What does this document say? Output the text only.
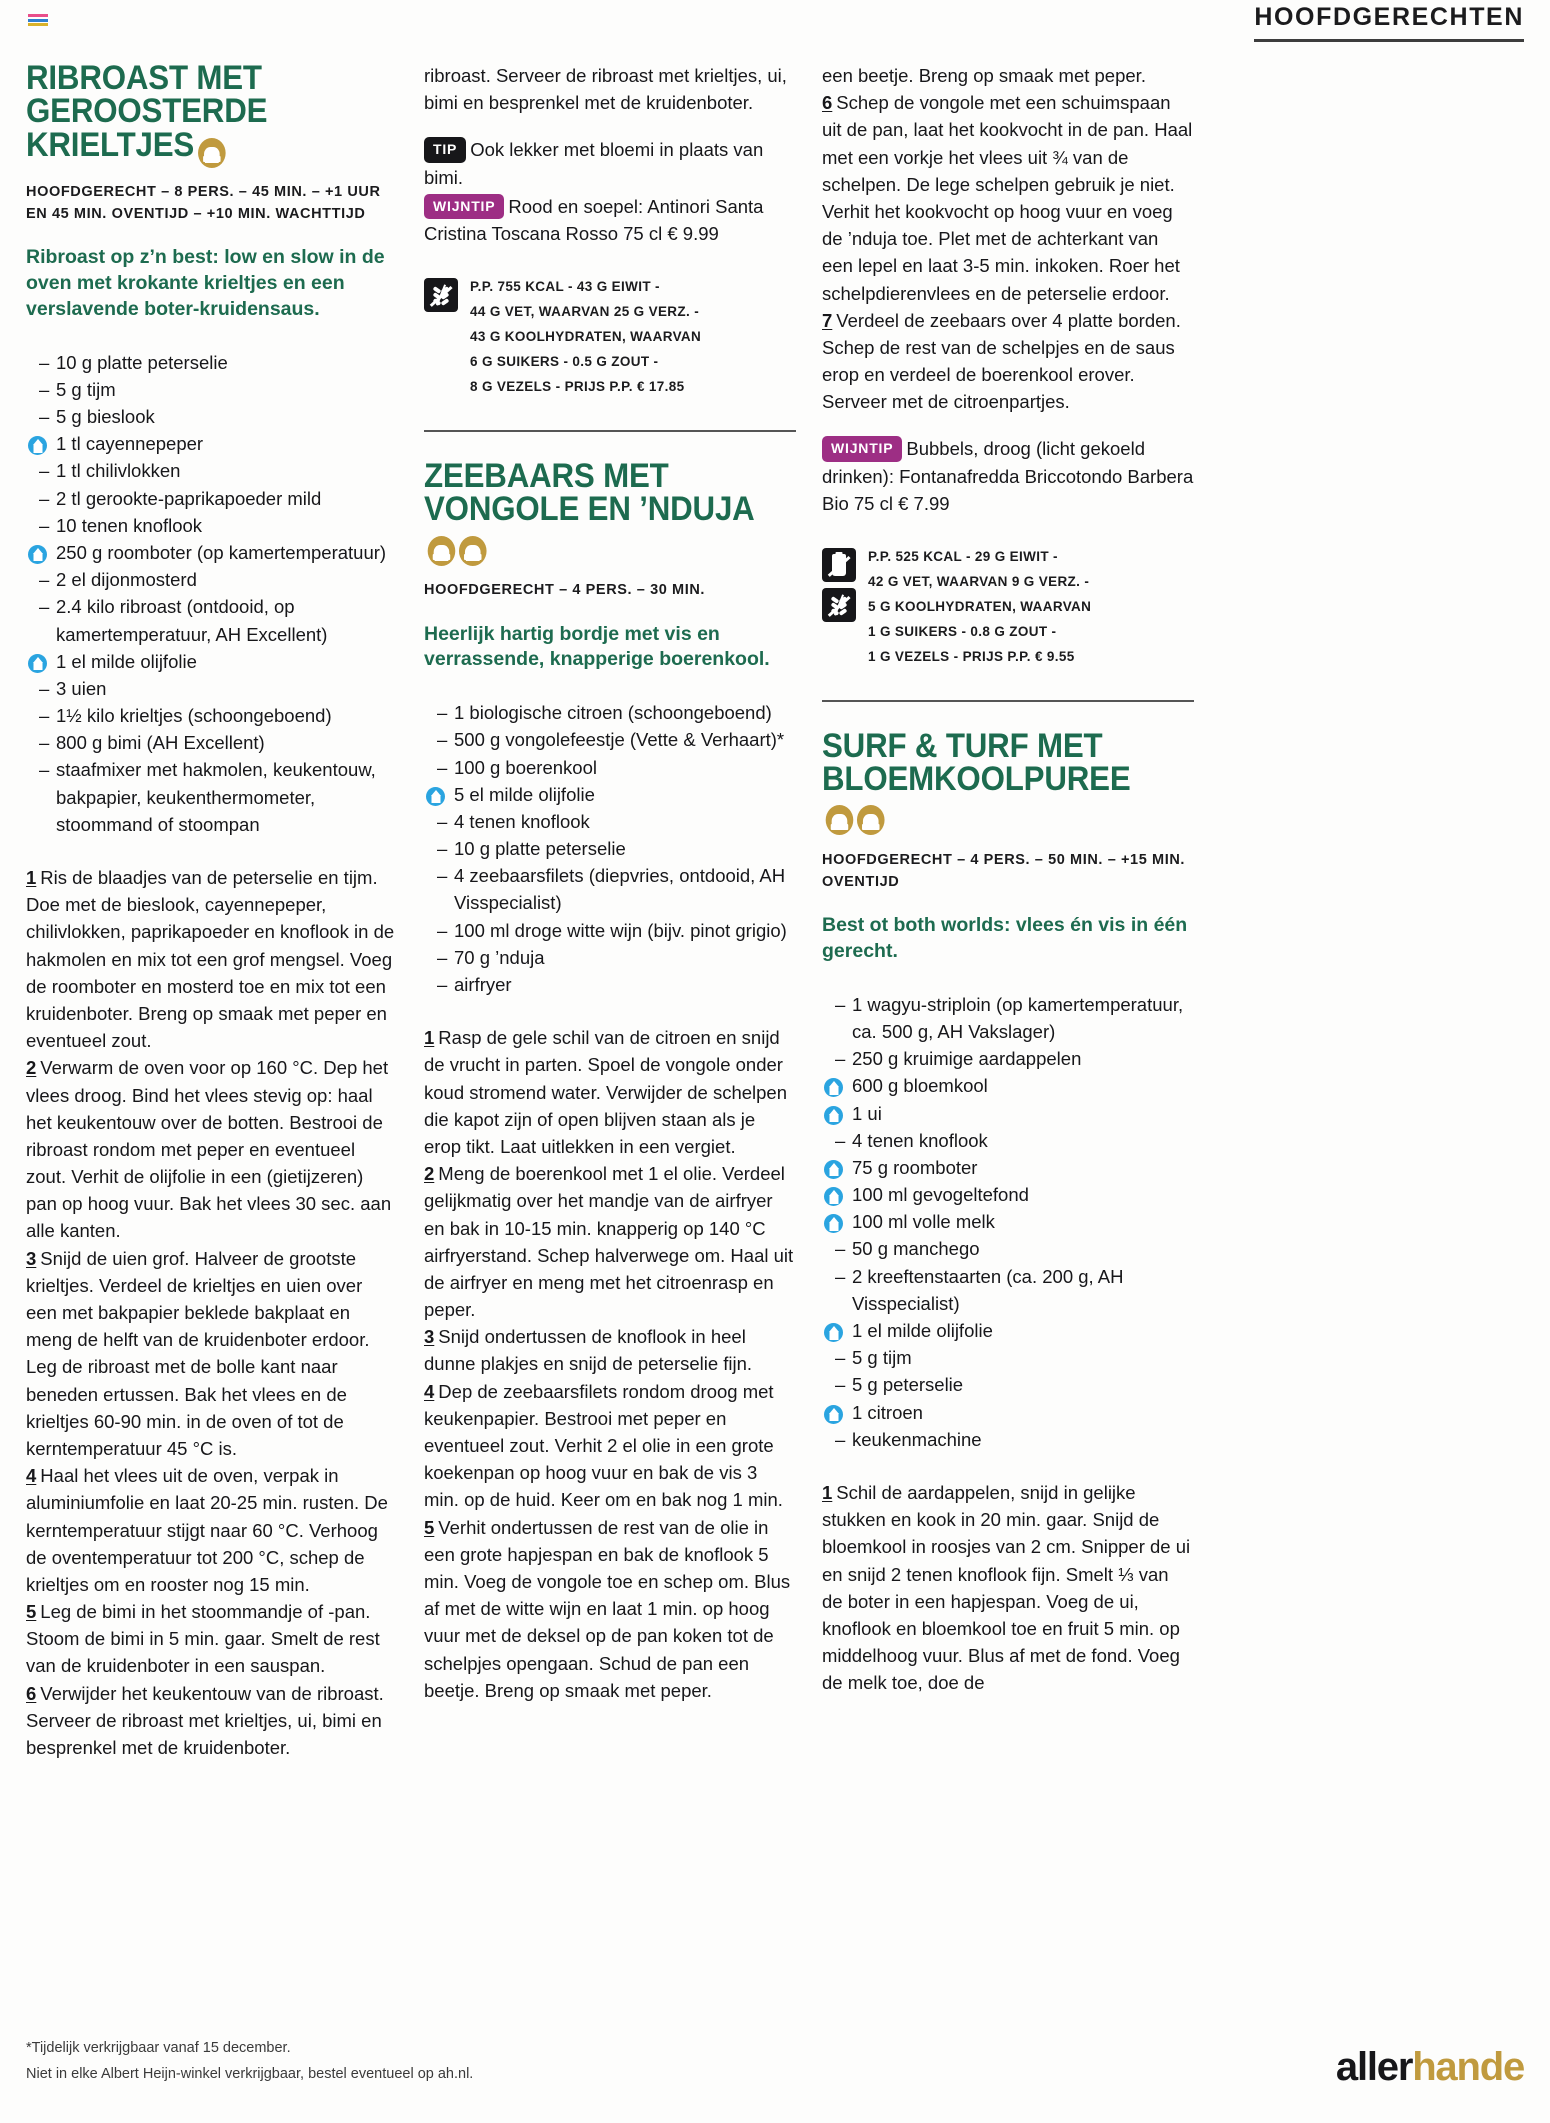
HOOFDGERECHTEN
RIBROAST MET GEROOSTERDE KRIELTJES
HOOFDGERECHT – 8 PERS. – 45 MIN. – +1 UUR EN 45 MIN. OVENTIJD – +10 MIN. WACHTTIJD
Ribroast op z’n best: low en slow in de oven met krokante krieltjes en een verslavende boter-kruidensaus.
– 10 g platte peterselie
– 5 g tijm
– 5 g bieslook
1 tl cayennepeper
– 1 tl chilivlokken
– 2 tl gerookte-paprikapoeder mild
– 10 tenen knoflook
250 g roomboter (op kamertemperatuur)
– 2 el dijonmosterd
– 2.4 kilo ribroast (ontdooid, op kamertemperatuur, AH Excellent)
1 el milde olijfolie
– 3 uien
– 1½ kilo krieltjes (schoongeboend)
– 800 g bimi (AH Excellent)
– staafmixer met hakmolen, keukentouw, bakpapier, keukenthermometer, stoommand of stoompan

1 Ris de blaadjes van de peterselie en tijm. Doe met de bieslook, cayennepeper, chilivlokken, paprikapoeder en knoflook in de hakmolen en mix tot een grof mengsel. Voeg de roomboter en mosterd toe en mix tot een kruidenboter. Breng op smaak met peper en eventueel zout.

2 Verwarm de oven voor op 160 °C. Dep het vlees droog. Bind het vlees stevig op: haal het keukentouw over de botten. Bestrooi de ribroast rondom met peper en eventueel zout. Verhit de olijfolie in een (gietijzeren) pan op hoog vuur. Bak het vlees 30 sec. aan alle kanten.

3 Snijd de uien grof. Halveer de grootste krieltjes. Verdeel de krieltjes en uien over een met bakpapier beklede bakplaat en meng de helft van de kruidenboter erdoor. Leg de ribroast met de bolle kant naar beneden ertussen. Bak het vlees en de krieltjes 60-90 min. in de oven of tot de kerntemperatuur 45 °C is.

4 Haal het vlees uit de oven, verpak in aluminiumfolie en laat 20-25 min. rusten. De kerntemperatuur stijgt naar 60 °C. Verhoog de oventemperatuur tot 200 °C, schep de krieltjes om en rooster nog 15 min.

5 Leg de bimi in het stoommandje of -pan. Stoom de bimi in 5 min. gaar. Smelt de rest van de kruidenboter in een sauspan.

6 Verwijder het keukentouw van de ribroast. Serveer de ribroast met krieltjes, ui, bimi en besprenkel met de kruidenboter.

ribroast. Serveer de ribroast met krieltjes, ui, bimi en besprenkel met de kruidenboter.

TIP Ook lekker met bloemi in plaats van bimi.
WIJNTIP Rood en soepel: Antinori Santa Cristina Toscana Rosso 75 cl € 9.99
P.P. 755 KCAL - 43 G EIWIT -
44 G VET, WAARVAN 25 G VERZ. -
43 G KOOLHYDRATEN, WAARVAN
6 G SUIKERS - 0.5 G ZOUT -
8 G VEZELS - PRIJS P.P. € 17.85
ZEEBAARS MET VONGOLE EN ’NDUJA
HOOFDGERECHT – 4 PERS. – 30 MIN.
Heerlijk hartig bordje met vis en verrassende, knapperige boerenkool.
– 1 biologische citroen (schoongeboend)
– 500 g vongolefeestje (Vette & Verhaart)*
– 100 g boerenkool
5 el milde olijfolie
– 4 tenen knoflook
– 10 g platte peterselie
– 4 zeebaarsfilets (diepvries, ontdooid, AH Visspecialist)
– 100 ml droge witte wijn (bijv. pinot grigio)
– 70 g ’nduja
– airfryer

1 Rasp de gele schil van de citroen en snijd de vrucht in parten. Spoel de vongole onder koud stromend water. Verwijder de schelpen die kapot zijn of open blijven staan als je erop tikt. Laat uitlekken in een vergiet.

2 Meng de boerenkool met 1 el olie. Verdeel gelijkmatig over het mandje van de airfryer en bak in 10-15 min. knapperig op 140 °C airfryerstand. Schep halverwege om. Haal uit de airfryer en meng met het citroenrasp en peper.

3 Snijd ondertussen de knoflook in heel dunne plakjes en snijd de peterselie fijn.

4 Dep de zeebaarsfilets rondom droog met keukenpapier. Bestrooi met peper en eventueel zout. Verhit 2 el olie in een grote koekenpan op hoog vuur en bak de vis 3 min. op de huid. Keer om en bak nog 1 min.

5 Verhit ondertussen de rest van de olie in een grote hapjespan en bak de knoflook 5 min. Voeg de vongole toe en schep om. Blus af met de witte wijn en laat 1 min. op hoog vuur met de deksel op de pan koken tot de schelpjes opengaan. Schud de pan een beetje. Breng op smaak met peper.

een beetje. Breng op smaak met peper.

6 Schep de vongole met een schuimspaan uit de pan, laat het kookvocht in de pan. Haal met een vorkje het vlees uit ¾ van de schelpen. De lege schelpen gebruik je niet. Verhit het kookvocht op hoog vuur en voeg de ’nduja toe. Plet met de achterkant van een lepel en laat 3-5 min. inkoken. Roer het schelpdierenvlees en de peterselie erdoor.

7 Verdeel de zeebaars over 4 platte borden. Schep de rest van de schelpjes en de saus erop en verdeel de boerenkool erover. Serveer met de citroenpartjes.

WIJNTIP Bubbels, droog (licht gekoeld drinken): Fontanafredda Briccotondo Barbera Bio 75 cl € 7.99
P.P. 525 KCAL - 29 G EIWIT -
42 G VET, WAARVAN 9 G VERZ. -
5 G KOOLHYDRATEN, WAARVAN
1 G SUIKERS - 0.8 G ZOUT -
1 G VEZELS - PRIJS P.P. € 9.55
SURF & TURF MET BLOEMKOOLPUREE
HOOFDGERECHT – 4 PERS. – 50 MIN. – +15 MIN. OVENTIJD
Best ot both worlds: vlees én vis in één gerecht.
– 1 wagyu-striploin (op kamertemperatuur, ca. 500 g, AH Vakslager)
– 250 g kruimige aardappelen
600 g bloemkool
1 ui
– 4 tenen knoflook
75 g roomboter
100 ml gevogeltefond
100 ml volle melk
– 50 g manchego
– 2 kreeftenstaarten (ca. 200 g, AH Visspecialist)
1 el milde olijfolie
– 5 g tijm
– 5 g peterselie
1 citroen
– keukenmachine

1 Schil de aardappelen, snijd in gelijke stukken en kook in 20 min. gaar. Snijd de bloemkool in roosjes van 2 cm. Snipper de ui en snijd 2 tenen knoflook fijn. Smelt ⅓ van de boter in een hapjespan. Voeg de ui, knoflook en bloemkool toe en fruit 5 min. op middelhoog vuur. Blus af met de fond. Voeg de melk toe, doe de

*Tijdelijk verkrijgbaar vanaf 15 december.
Niet in elke Albert Heijn-winkel verkrijgbaar, bestel eventueel op ah.nl.	allerhande
